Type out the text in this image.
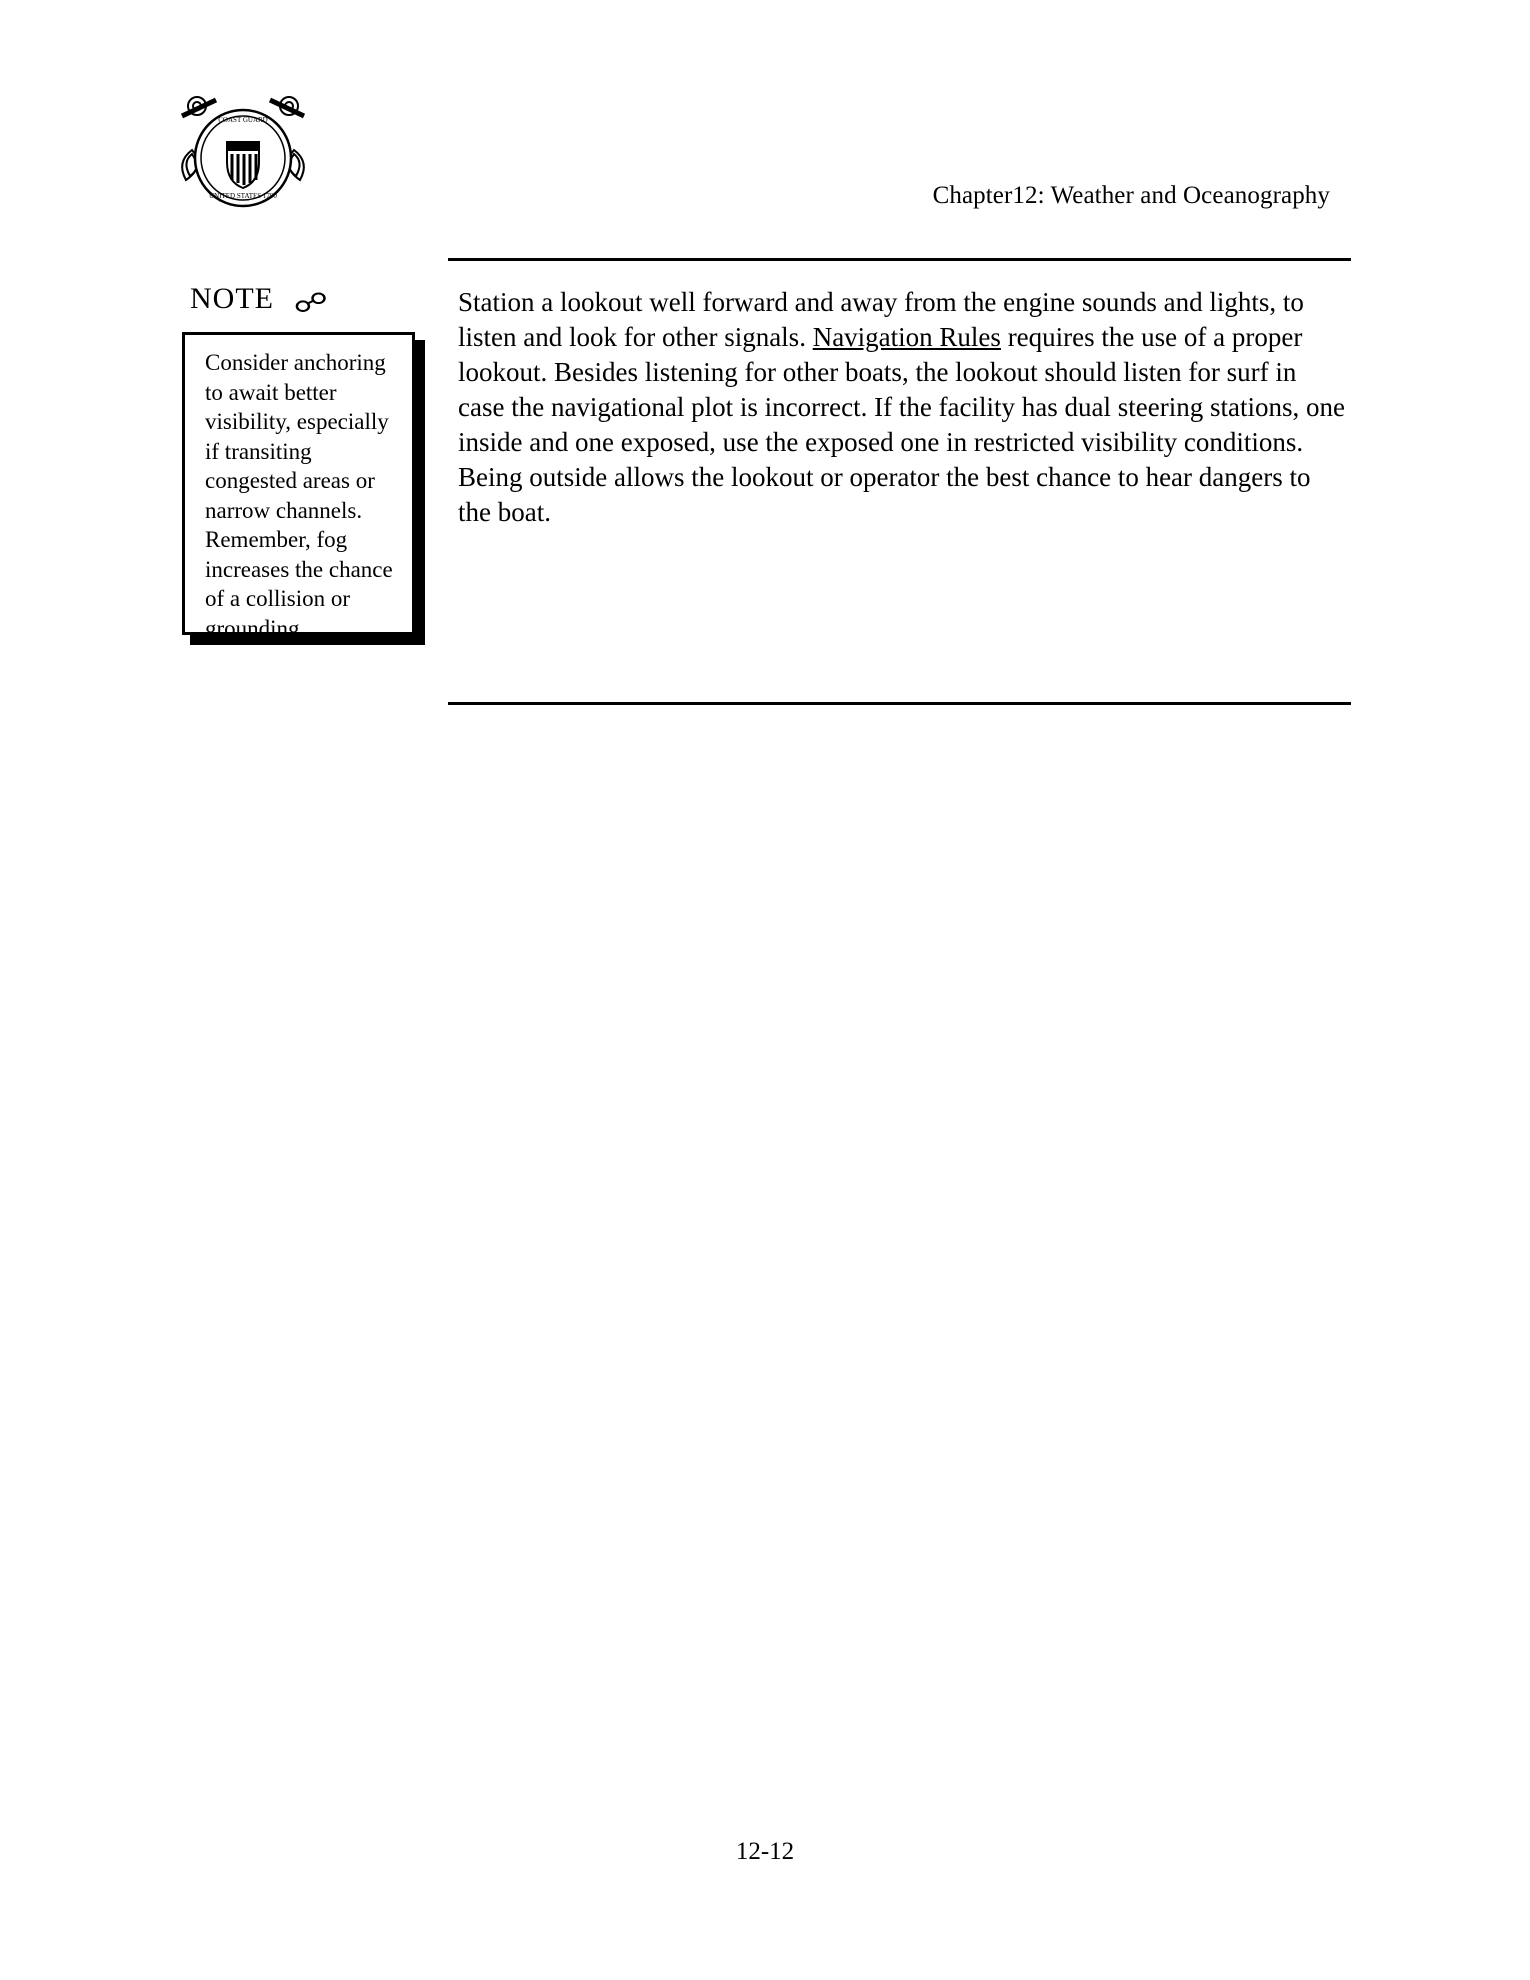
COAST GUARD
UNITED STATES 1790	Chapter12: Weather and Oceanography
NOTE ☍
Consider anchoring to await better visibility, especially if transiting congested areas or narrow channels. Remember, fog increases the chance of a collision or grounding.
Station a lookout well forward and away from the engine sounds and lights, to listen and look for other signals. Navigation Rules requires the use of a proper lookout. Besides listening for other boats, the lookout should listen for surf in case the navigational plot is incorrect. If the facility has dual steering stations, one inside and one exposed, use the exposed one in restricted visibility conditions. Being outside allows the lookout or operator the best chance to hear dangers to the boat.
12-12
